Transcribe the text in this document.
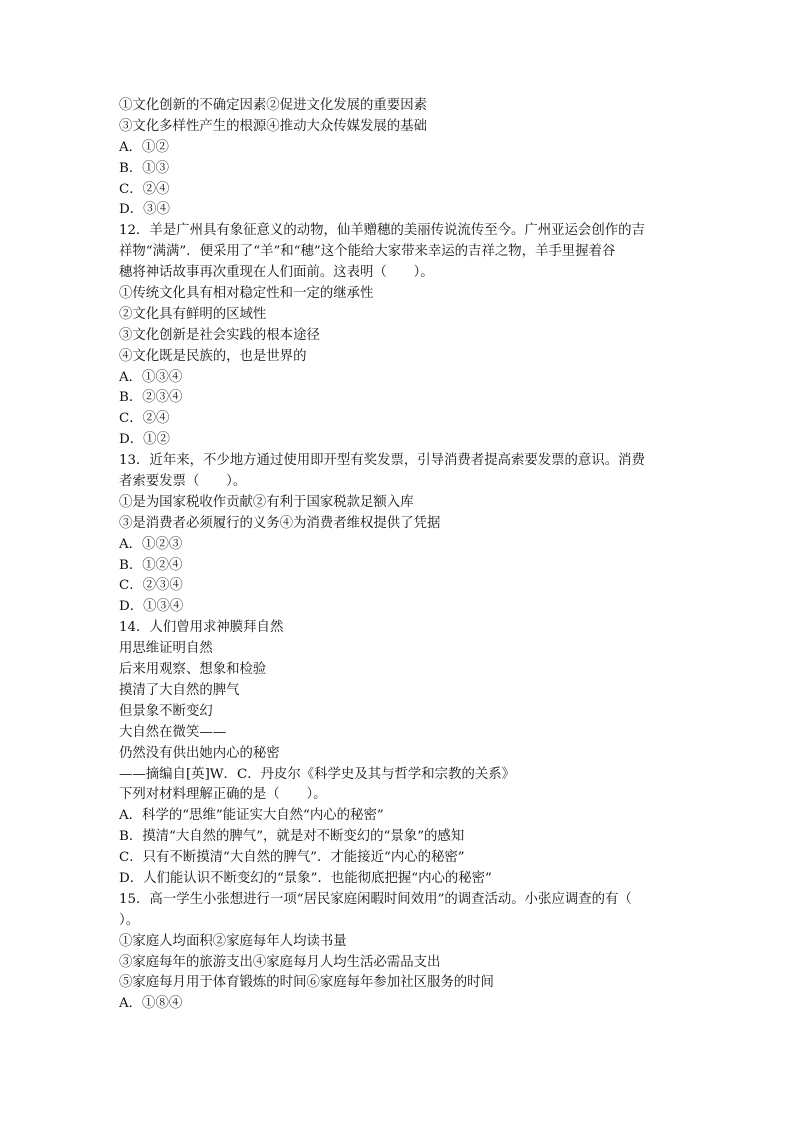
①文化创新的不确定因素②促进文化发展的重要因素
③文化多样性产生的根源④推动大众传媒发展的基础
A．①②
B．①③
C．②④
D．③④
12．羊是广州具有象征意义的动物，仙羊赠穗的美丽传说流传至今。广州亚运会创作的吉
祥物“满满”．便采用了“羊”和“穗”这个能给大家带来幸运的吉祥之物，羊手里握着谷
穗将神话故事再次重现在人们面前。这表明（　　）。
①传统文化具有相对稳定性和一定的继承性
②文化具有鲜明的区域性
③文化创新是社会实践的根本途径
④文化既是民族的，也是世界的
A．①③④
B．②③④
C．②④
D．①②
13．近年来，不少地方通过使用即开型有奖发票，引导消费者提高索要发票的意识。消费
者索要发票（　　）。
①是为国家税收作贡献②有利于国家税款足额入库
③是消费者必须履行的义务④为消费者维权提供了凭据
A．①②③
B．①②④
C．②③④
D．①③④
14．人们曾用求神膜拜自然
用思维证明自然
后来用观察、想象和检验
摸清了大自然的脾气
但景象不断变幻
大自然在微笑——
仍然没有供出她内心的秘密
——摘编自[英]W．C．丹皮尔《科学史及其与哲学和宗教的关系》
下列对材料理解正确的是（　　）。
A．科学的“思维”能证实大自然“内心的秘密”
B．摸清“大自然的脾气”，就是对不断变幻的“景象”的感知
C．只有不断摸清“大自然的脾气”．才能接近“内心的秘密”
D．人们能认识不断变幻的“景象”．也能彻底把握“内心的秘密”
15．高一学生小张想进行一项“居民家庭闲暇时间效用”的调查活动。小张应调查的有（
）。
①家庭人均面积②家庭每年人均读书量
③家庭每年的旅游支出④家庭每月人均生活必需品支出
⑤家庭每月用于体育锻炼的时间⑥家庭每年参加社区服务的时间
A．①⑧④
